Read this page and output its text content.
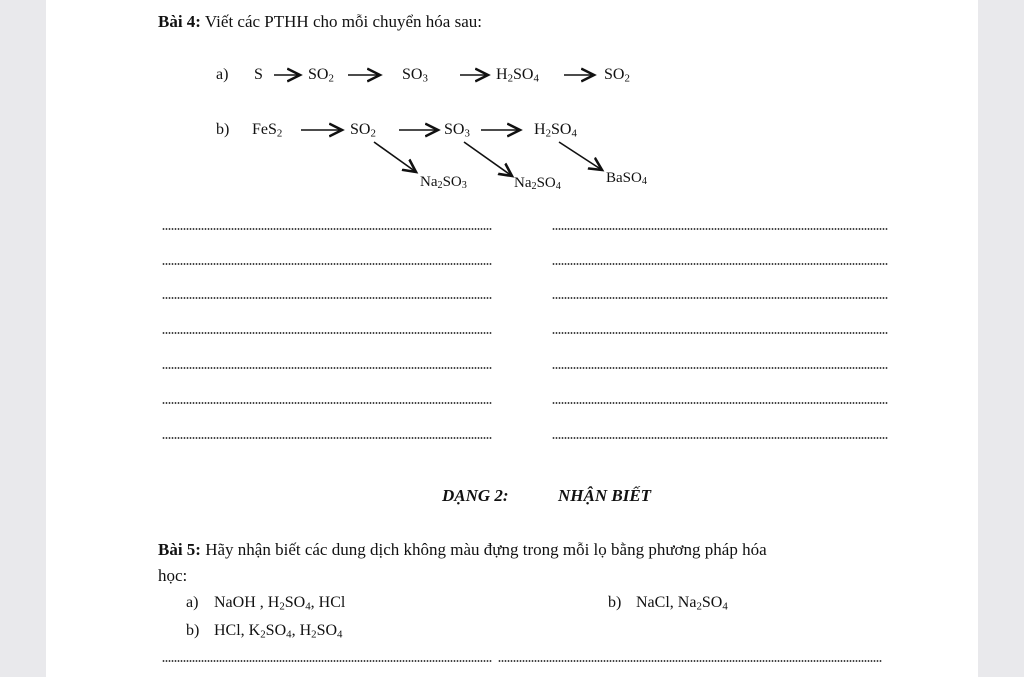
Bài 4: Viết các PTHH cho mỗi chuyển hóa sau:
a) S	$SO_2$	$SO_3$	$H_2SO_4$	$SO_2$
b) FeS$_2$	$SO_2$	$SO_3$	$H_2SO_4$
$Na_2SO_3$	$Na_2SO_4$
BaSO$_4$
DẠNG 2:	NHẬN BIẾT
Bài 5: Hãy nhận biết các dung dịch không màu đựng trong mỗi lọ bằng phương pháp hóa
học:
a) NaOH , $H_2SO_4$, HCl	b) NaCl, $Na_2SO_4$
b) HCl, $K_2SO_4$, $H_2SO_4$
